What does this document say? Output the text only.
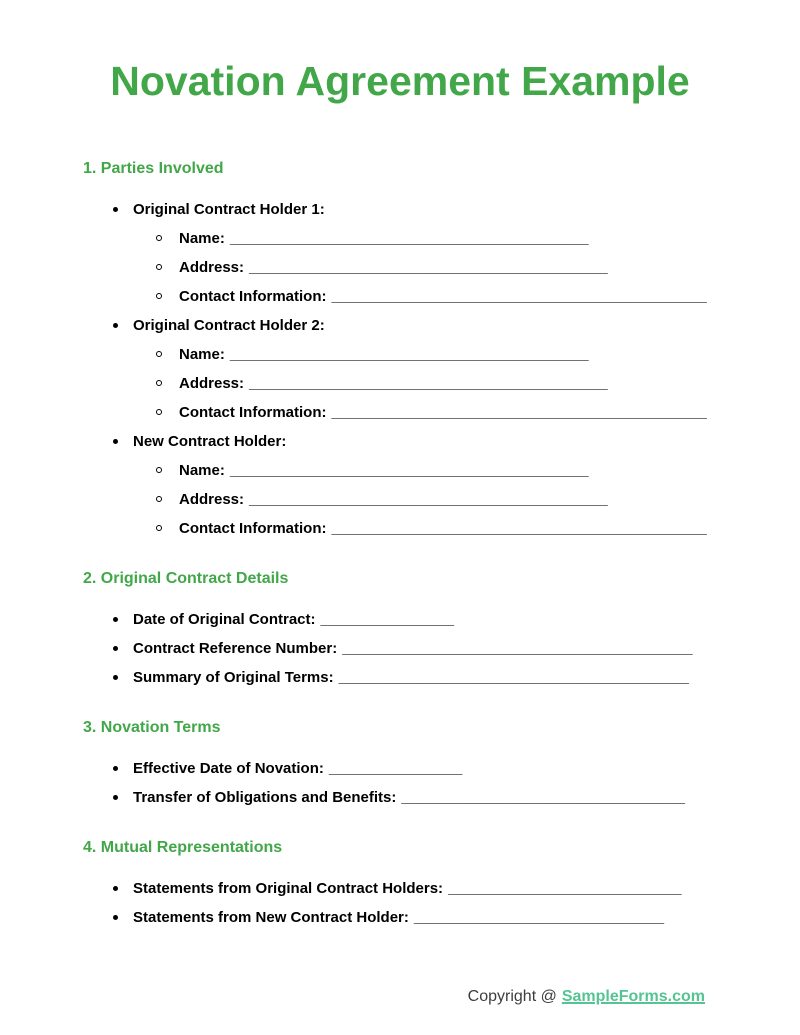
Novation Agreement Example
1. Parties Involved
Original Contract Holder 1:
Name: ___________________________________________
Address: ___________________________________________
Contact Information: _____________________________________________
Original Contract Holder 2:
Name: ___________________________________________
Address: ___________________________________________
Contact Information: _____________________________________________
New Contract Holder:
Name: ___________________________________________
Address: ___________________________________________
Contact Information: _____________________________________________
2. Original Contract Details
Date of Original Contract: ________________
Contract Reference Number: __________________________________________
Summary of Original Terms: __________________________________________
3. Novation Terms
Effective Date of Novation: ________________
Transfer of Obligations and Benefits: __________________________________
4. Mutual Representations
Statements from Original Contract Holders: ____________________________
Statements from New Contract Holder: ______________________________
Copyright @ SampleForms.com
